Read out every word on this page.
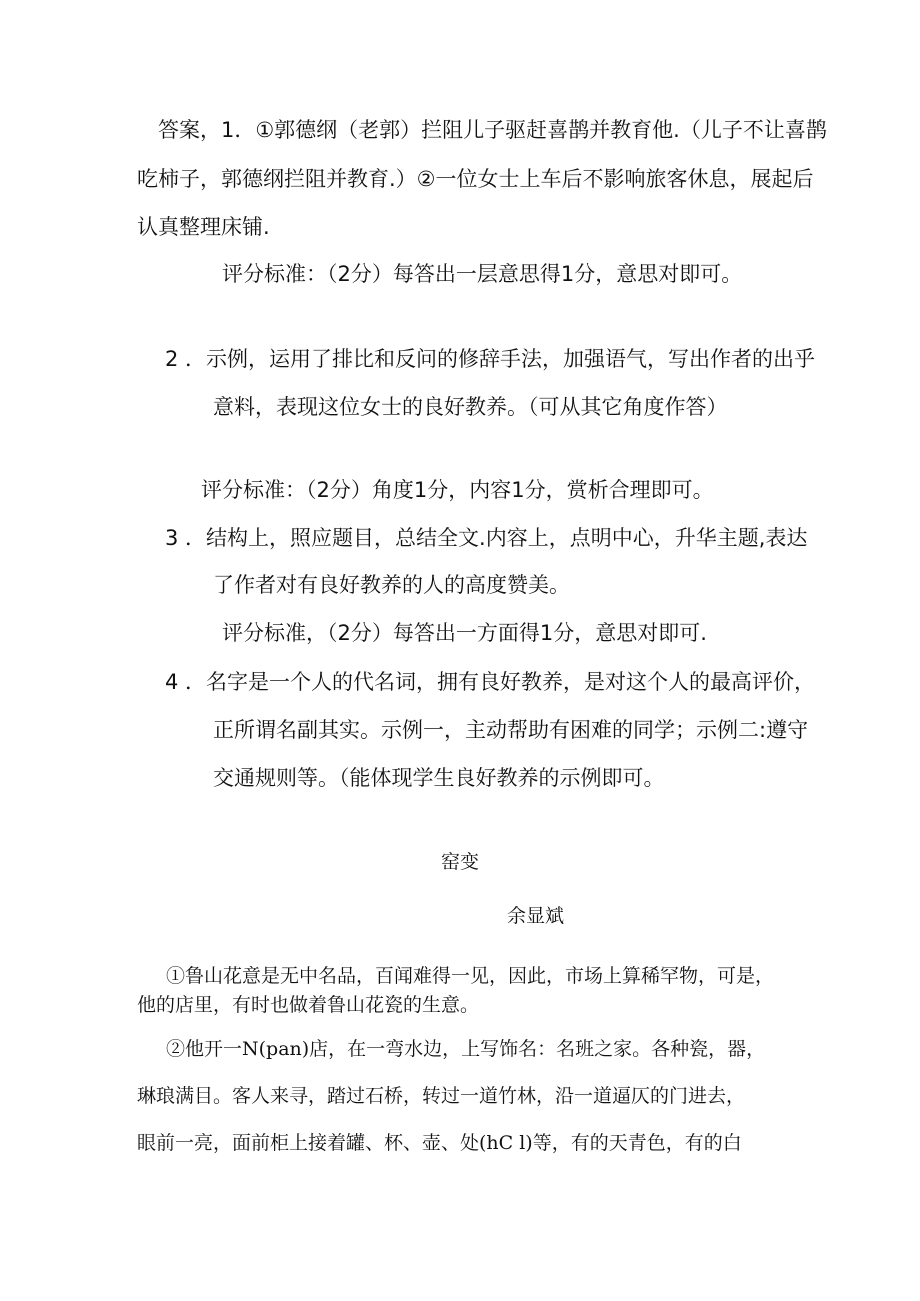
答案，1．①郭德纲（老郭）拦阻儿子驱赶喜鹊并教育他.（儿子不让喜鹊
吃柿子，郭德纲拦阻并教育.）②一位女士上车后不影响旅客休息，展起后
认真整理床铺.
评分标准：（2分）每答出一层意思得1分，意思对即可。
2 ．示例，运用了排比和反问的修辞手法，加强语气，写出作者的出乎
意料，表现这位女士的良好教养。（可从其它角度作答）
评分标准：（2分）角度1分，内容1分，赏析合理即可。
3 ．结构上，照应题目，总结全文.内容上，点明中心，升华主题,表达
了作者对有良好教养的人的高度赞美。
评分标准，（2分）每答出一方面得1分，意思对即可.
4 ．名字是一个人的代名词，拥有良好教养，是对这个人的最高评价，
正所谓名副其实。示例一，主动帮助有困难的同学；示例二:遵守
交通规则等。（能体现学生良好教养的示例即可。
窑变
余显斌
①鲁山花意是无中名品，百闻难得一见，因此，市场上算稀罕物，可是，
他的店里，有时也做着鲁山花瓷的生意。
②他开一N(pan)店，在一弯水边，上写饰名：名班之家。各种瓷，器，
琳琅满目。客人来寻，踏过石桥，转过一道竹林，沿一道逼仄的门进去，
眼前一亮，面前柜上接着罐、杯、壶、处(hC l)等，有的天青色，有的白
